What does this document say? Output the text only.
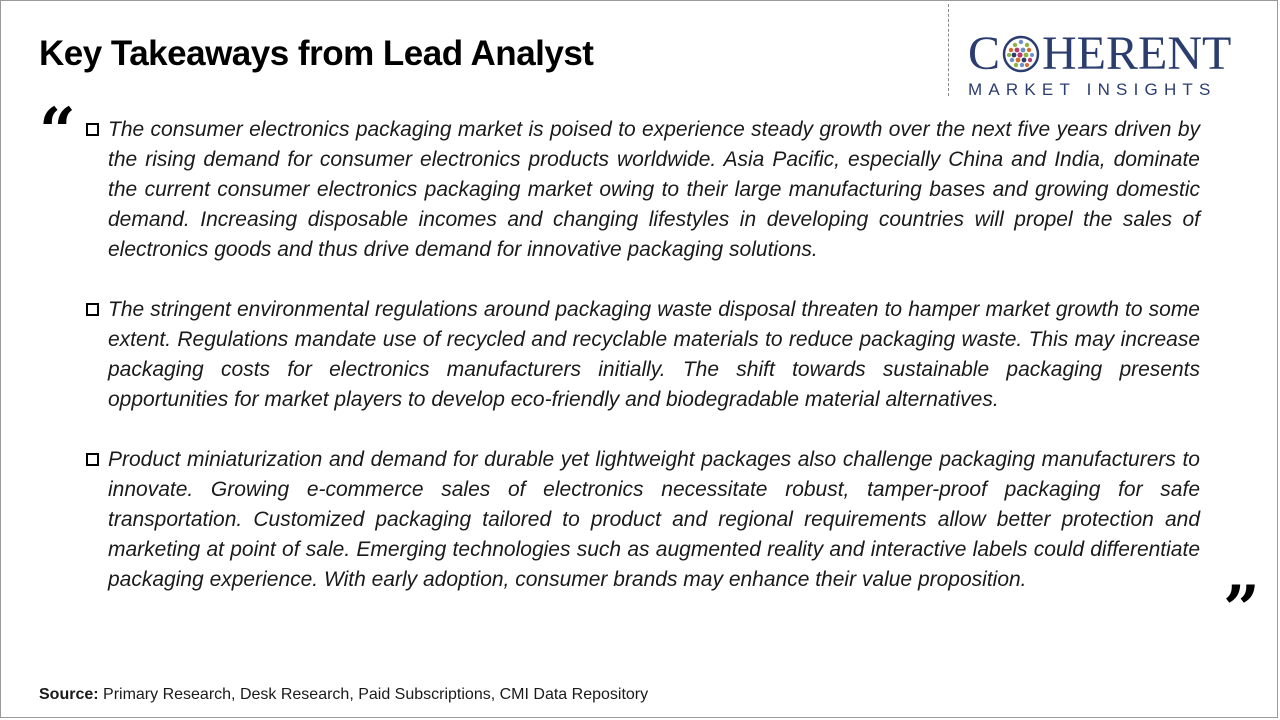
Key Takeaways from Lead Analyst	C HERENT
MARKET INSIGHTS
“
”

The consumer electronics packaging market is poised to experience steady growth over the next five years driven by the rising demand for consumer electronics products worldwide. Asia Pacific, especially China and India, dominate the current consumer electronics packaging market owing to their large manufacturing bases and growing domestic demand. Increasing disposable incomes and changing lifestyles in developing countries will propel the sales of electronics goods and thus drive demand for innovative packaging solutions.

The stringent environmental regulations around packaging waste disposal threaten to hamper market growth to some extent. Regulations mandate use of recycled and recyclable materials to reduce packaging waste. This may increase packaging costs for electronics manufacturers initially. The shift towards sustainable packaging presents opportunities for market players to develop eco-friendly and biodegradable material alternatives.

Product miniaturization and demand for durable yet lightweight packages also challenge packaging manufacturers to innovate. Growing e-commerce sales of electronics necessitate robust, tamper-proof packaging for safe transportation. Customized packaging tailored to product and regional requirements allow better protection and marketing at point of sale. Emerging technologies such as augmented reality and interactive labels could differentiate packaging experience. With early adoption, consumer brands may enhance their value proposition.

Source: Primary Research, Desk Research, Paid Subscriptions, CMI Data Repository
